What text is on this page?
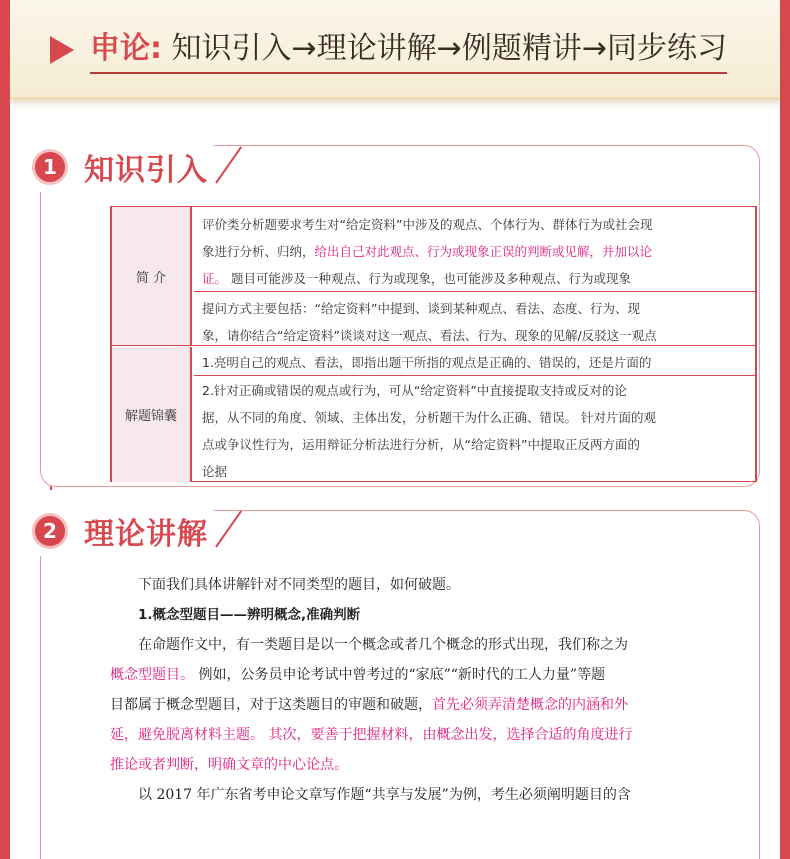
申论: 知识引入→理论讲解→例题精讲→同步练习
1 知识引入
简 介
解题锦囊
评价类分析题要求考生对“给定资料”中涉及的观点、个体行为、群体行为或社会现
象进行分析、归纳，给出自己对此观点、行为或现象正误的判断或见解，并加以论
证。 题目可能涉及一种观点、行为或现象，也可能涉及多种观点、行为或现象
提问方式主要包括：“给定资料”中提到、谈到某种观点、看法、态度、行为、现
象，请你结合“给定资料”谈谈对这一观点、看法、行为、现象的见解/反驳这一观点
1.亮明自己的观点、看法，即指出题干所指的观点是正确的、错误的，还是片面的
2.针对正确或错误的观点或行为，可从“给定资料”中直接提取支持或反对的论
据，从不同的角度、领域、主体出发，分析题干为什么正确、错误。 针对片面的观
点或争议性行为，运用辩证分析法进行分析，从“给定资料”中提取正反两方面的
论据
2 理论讲解

下面我们具体讲解针对不同类型的题目，如何破题。

1.概念型题目——辨明概念,准确判断

在命题作文中，有一类题目是以一个概念或者几个概念的形式出现，我们称之为

概念型题目。 例如，公务员申论考试中曾考过的“家底”“新时代的工人力量”等题

目都属于概念型题目，对于这类题目的审题和破题，首先必须弄清楚概念的内涵和外

延，避免脱离材料主题。 其次，要善于把握材料，由概念出发，选择合适的角度进行

推论或者判断，明确文章的中心论点。

以 2017 年广东省考申论文章写作题“共享与发展”为例，考生必须阐明题目的含
